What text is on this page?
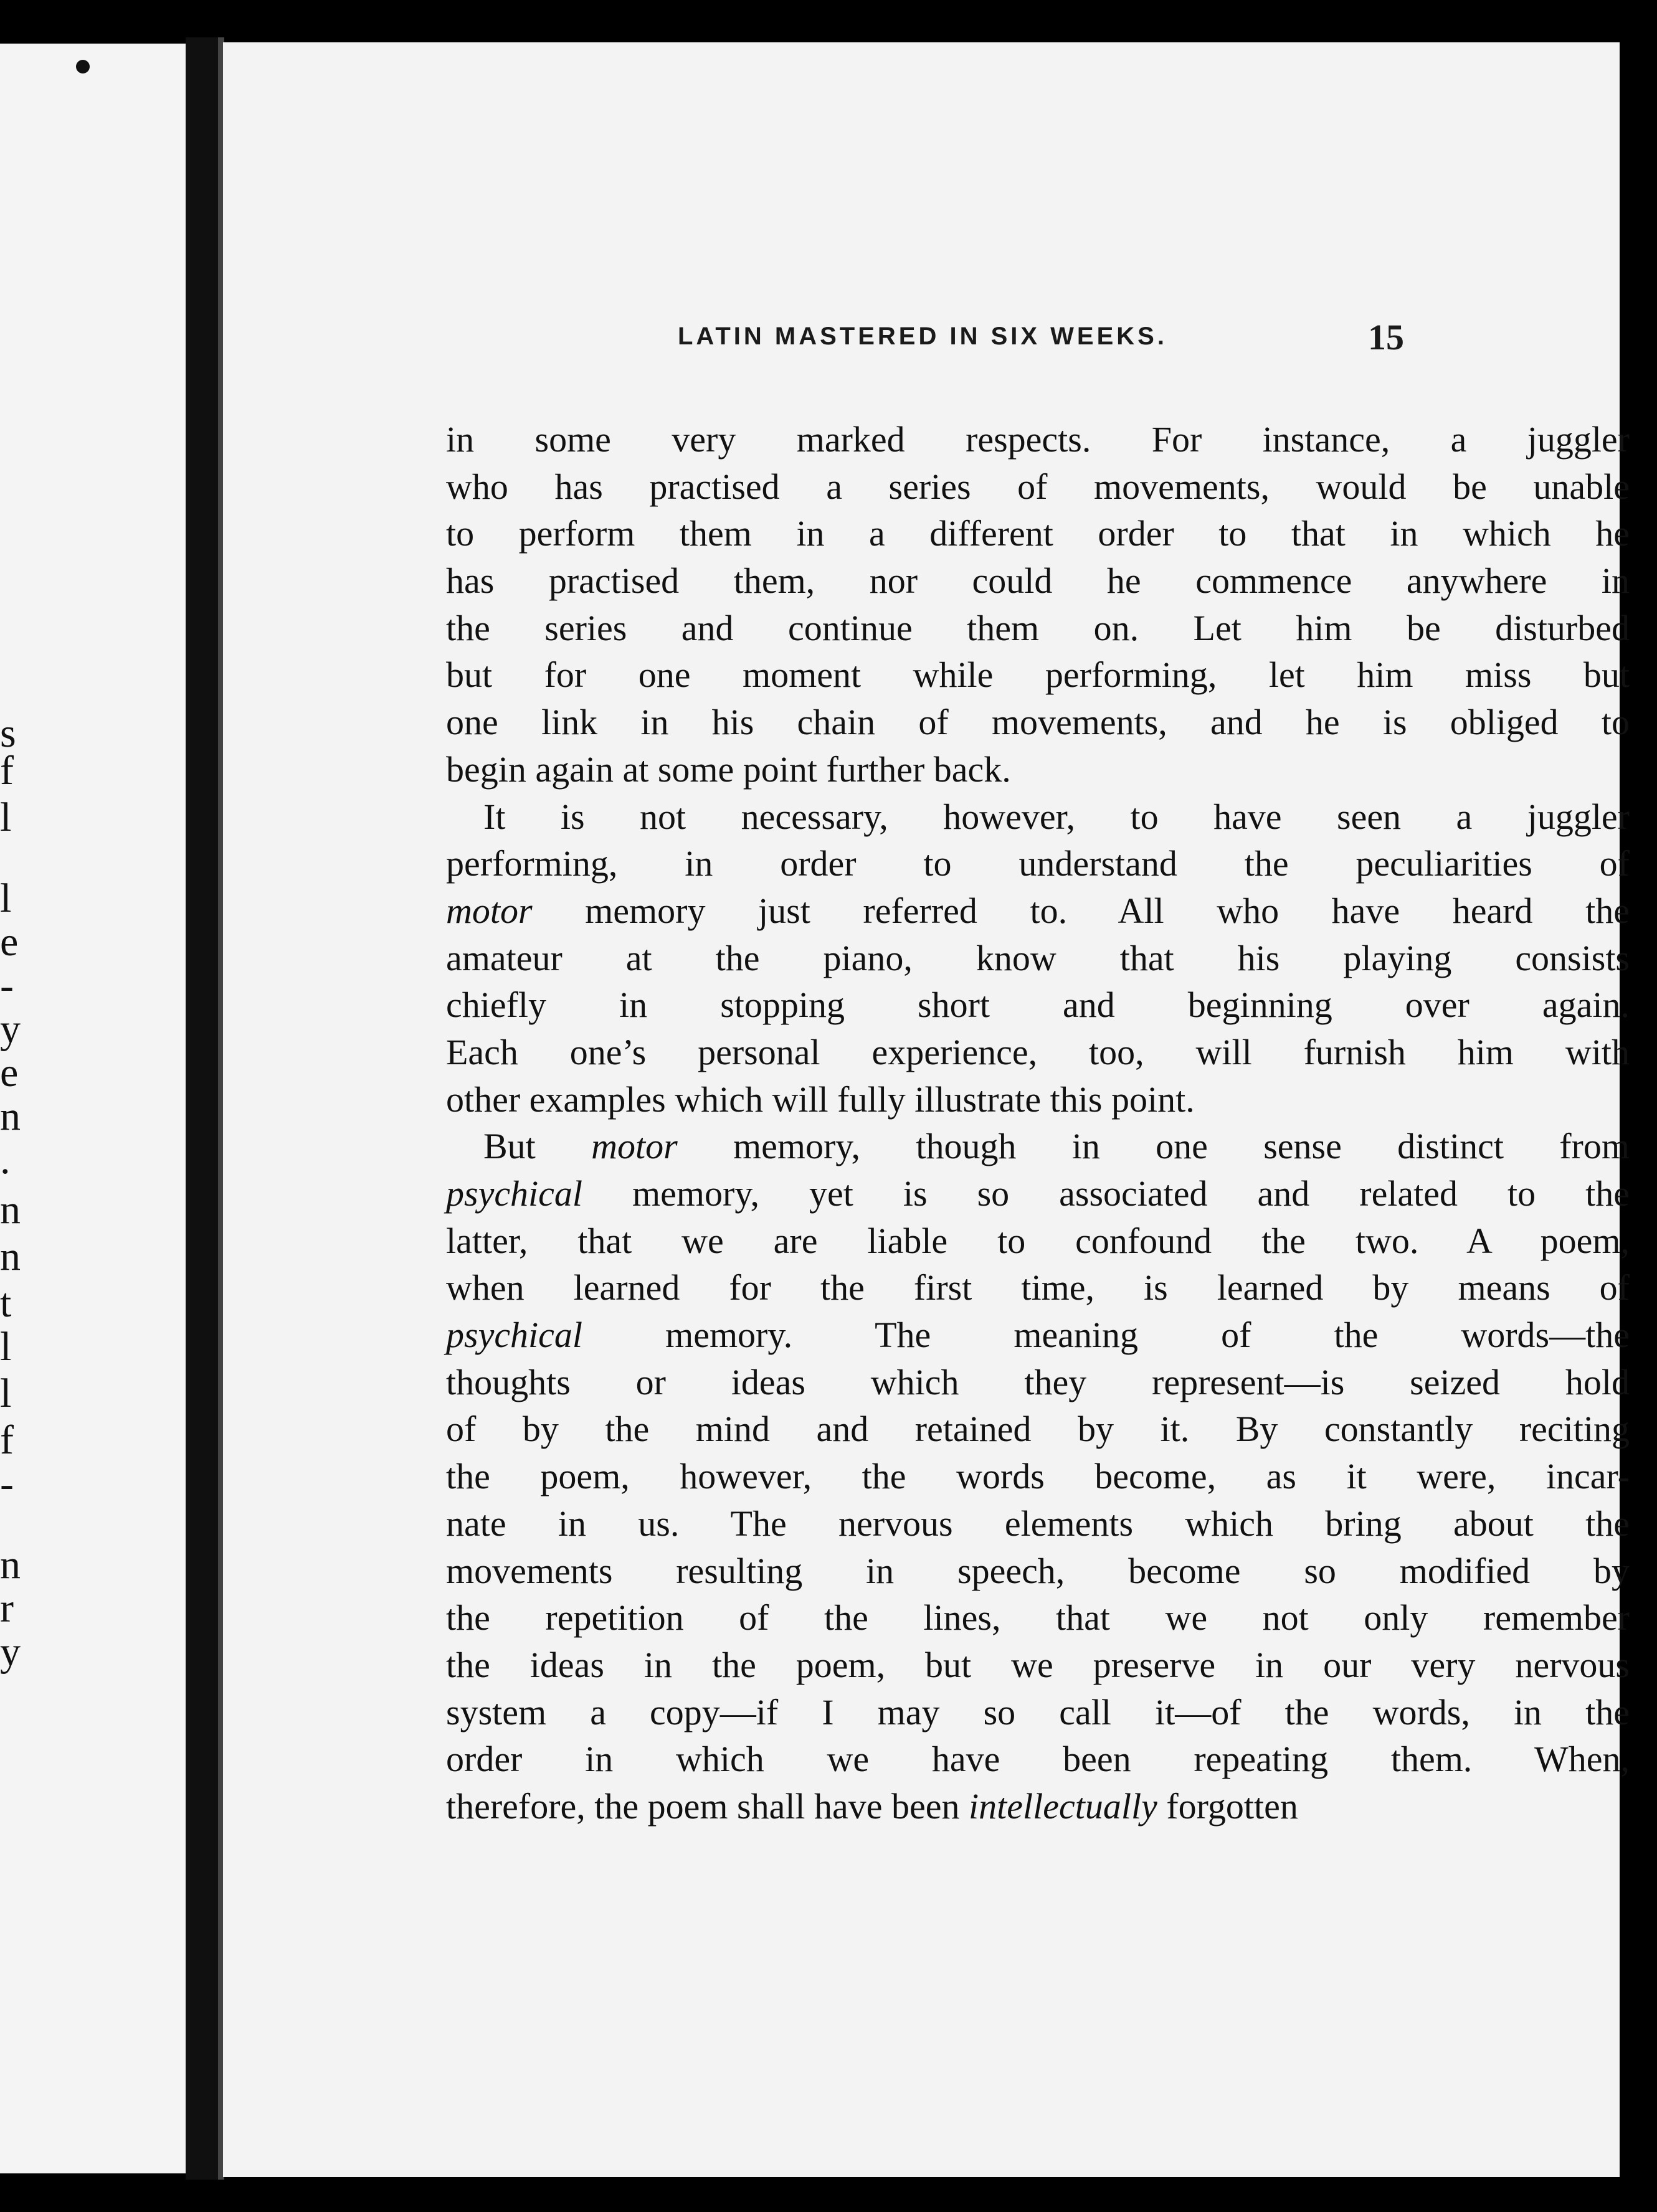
s
f
l
l
e
-
y
e
n
.
n
n
t
l
l
f
-
n
r
y
LATIN MASTERED IN SIX WEEKS.	15

in some very marked respects. For instance, a juggler
who has practised a series of movements, would be unable
to perform them in a different order to that in which he
has practised them, nor could he commence anywhere in
the series and continue them on. Let him be disturbed
but for one moment while performing, let him miss but
one link in his chain of movements, and he is obliged to
begin again at some point further back.

It is not necessary, however, to have seen a juggler
performing, in order to understand the peculiarities of
motor memory just referred to. All who have heard the
amateur at the piano, know that his playing consists
chiefly in stopping short and beginning over again.
Each one’s personal experience, too, will furnish him with
other examples which will fully illustrate this point.

But motor memory, though in one sense distinct from
psychical memory, yet is so associated and related to the
latter, that we are liable to confound the two. A poem,
when learned for the first time, is learned by means of
psychical memory. The meaning of the words—the
thoughts or ideas which they represent—is seized hold
of by the mind and retained by it. By constantly reciting
the poem, however, the words become, as it were, incar-
nate in us. The nervous elements which bring about the
movements resulting in speech, become so modified by
the repetition of the lines, that we not only remember
the ideas in the poem, but we preserve in our very nervous
system a copy—if I may so call it—of the words, in the
order in which we have been repeating them. When,
therefore, the poem shall have been intellectually forgotten
